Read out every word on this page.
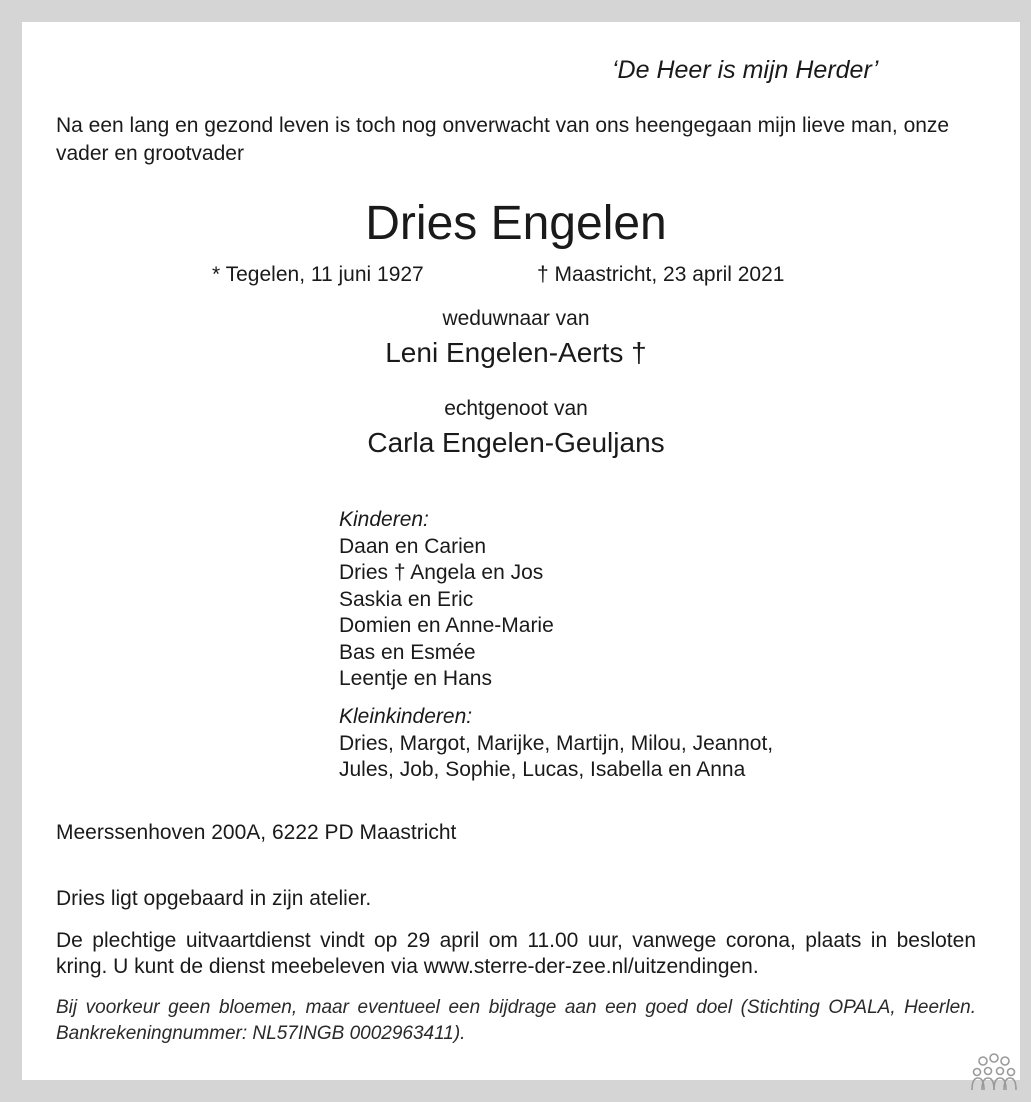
‘De Heer is mijn Herder’
Na een lang en gezond leven is toch nog onverwacht van ons heengegaan mijn lieve man, onze vader en grootvader
Dries Engelen
* Tegelen, 11 juni 1927	† Maastricht, 23 april 2021
weduwnaar van
Leni Engelen-Aerts †
echtgenoot van
Carla Engelen-Geuljans
Kinderen:
Daan en Carien
Dries † Angela en Jos
Saskia en Eric
Domien en Anne-Marie
Bas en Esmée
Leentje en Hans
Kleinkinderen:
Dries, Margot, Marijke, Martijn, Milou, Jeannot,
Jules, Job, Sophie, Lucas, Isabella en Anna
Meerssenhoven 200A, 6222 PD Maastricht
Dries ligt opgebaard in zijn atelier.
De plechtige uitvaartdienst vindt op 29 april om 11.00 uur, vanwege corona, plaats in besloten kring. U kunt de dienst meebeleven via www.sterre-der-zee.nl/uitzendingen.
Bij voorkeur geen bloemen, maar eventueel een bijdrage aan een goed doel (Stichting OPALA, Heerlen. Bankrekeningnummer: NL57INGB 0002963411).
